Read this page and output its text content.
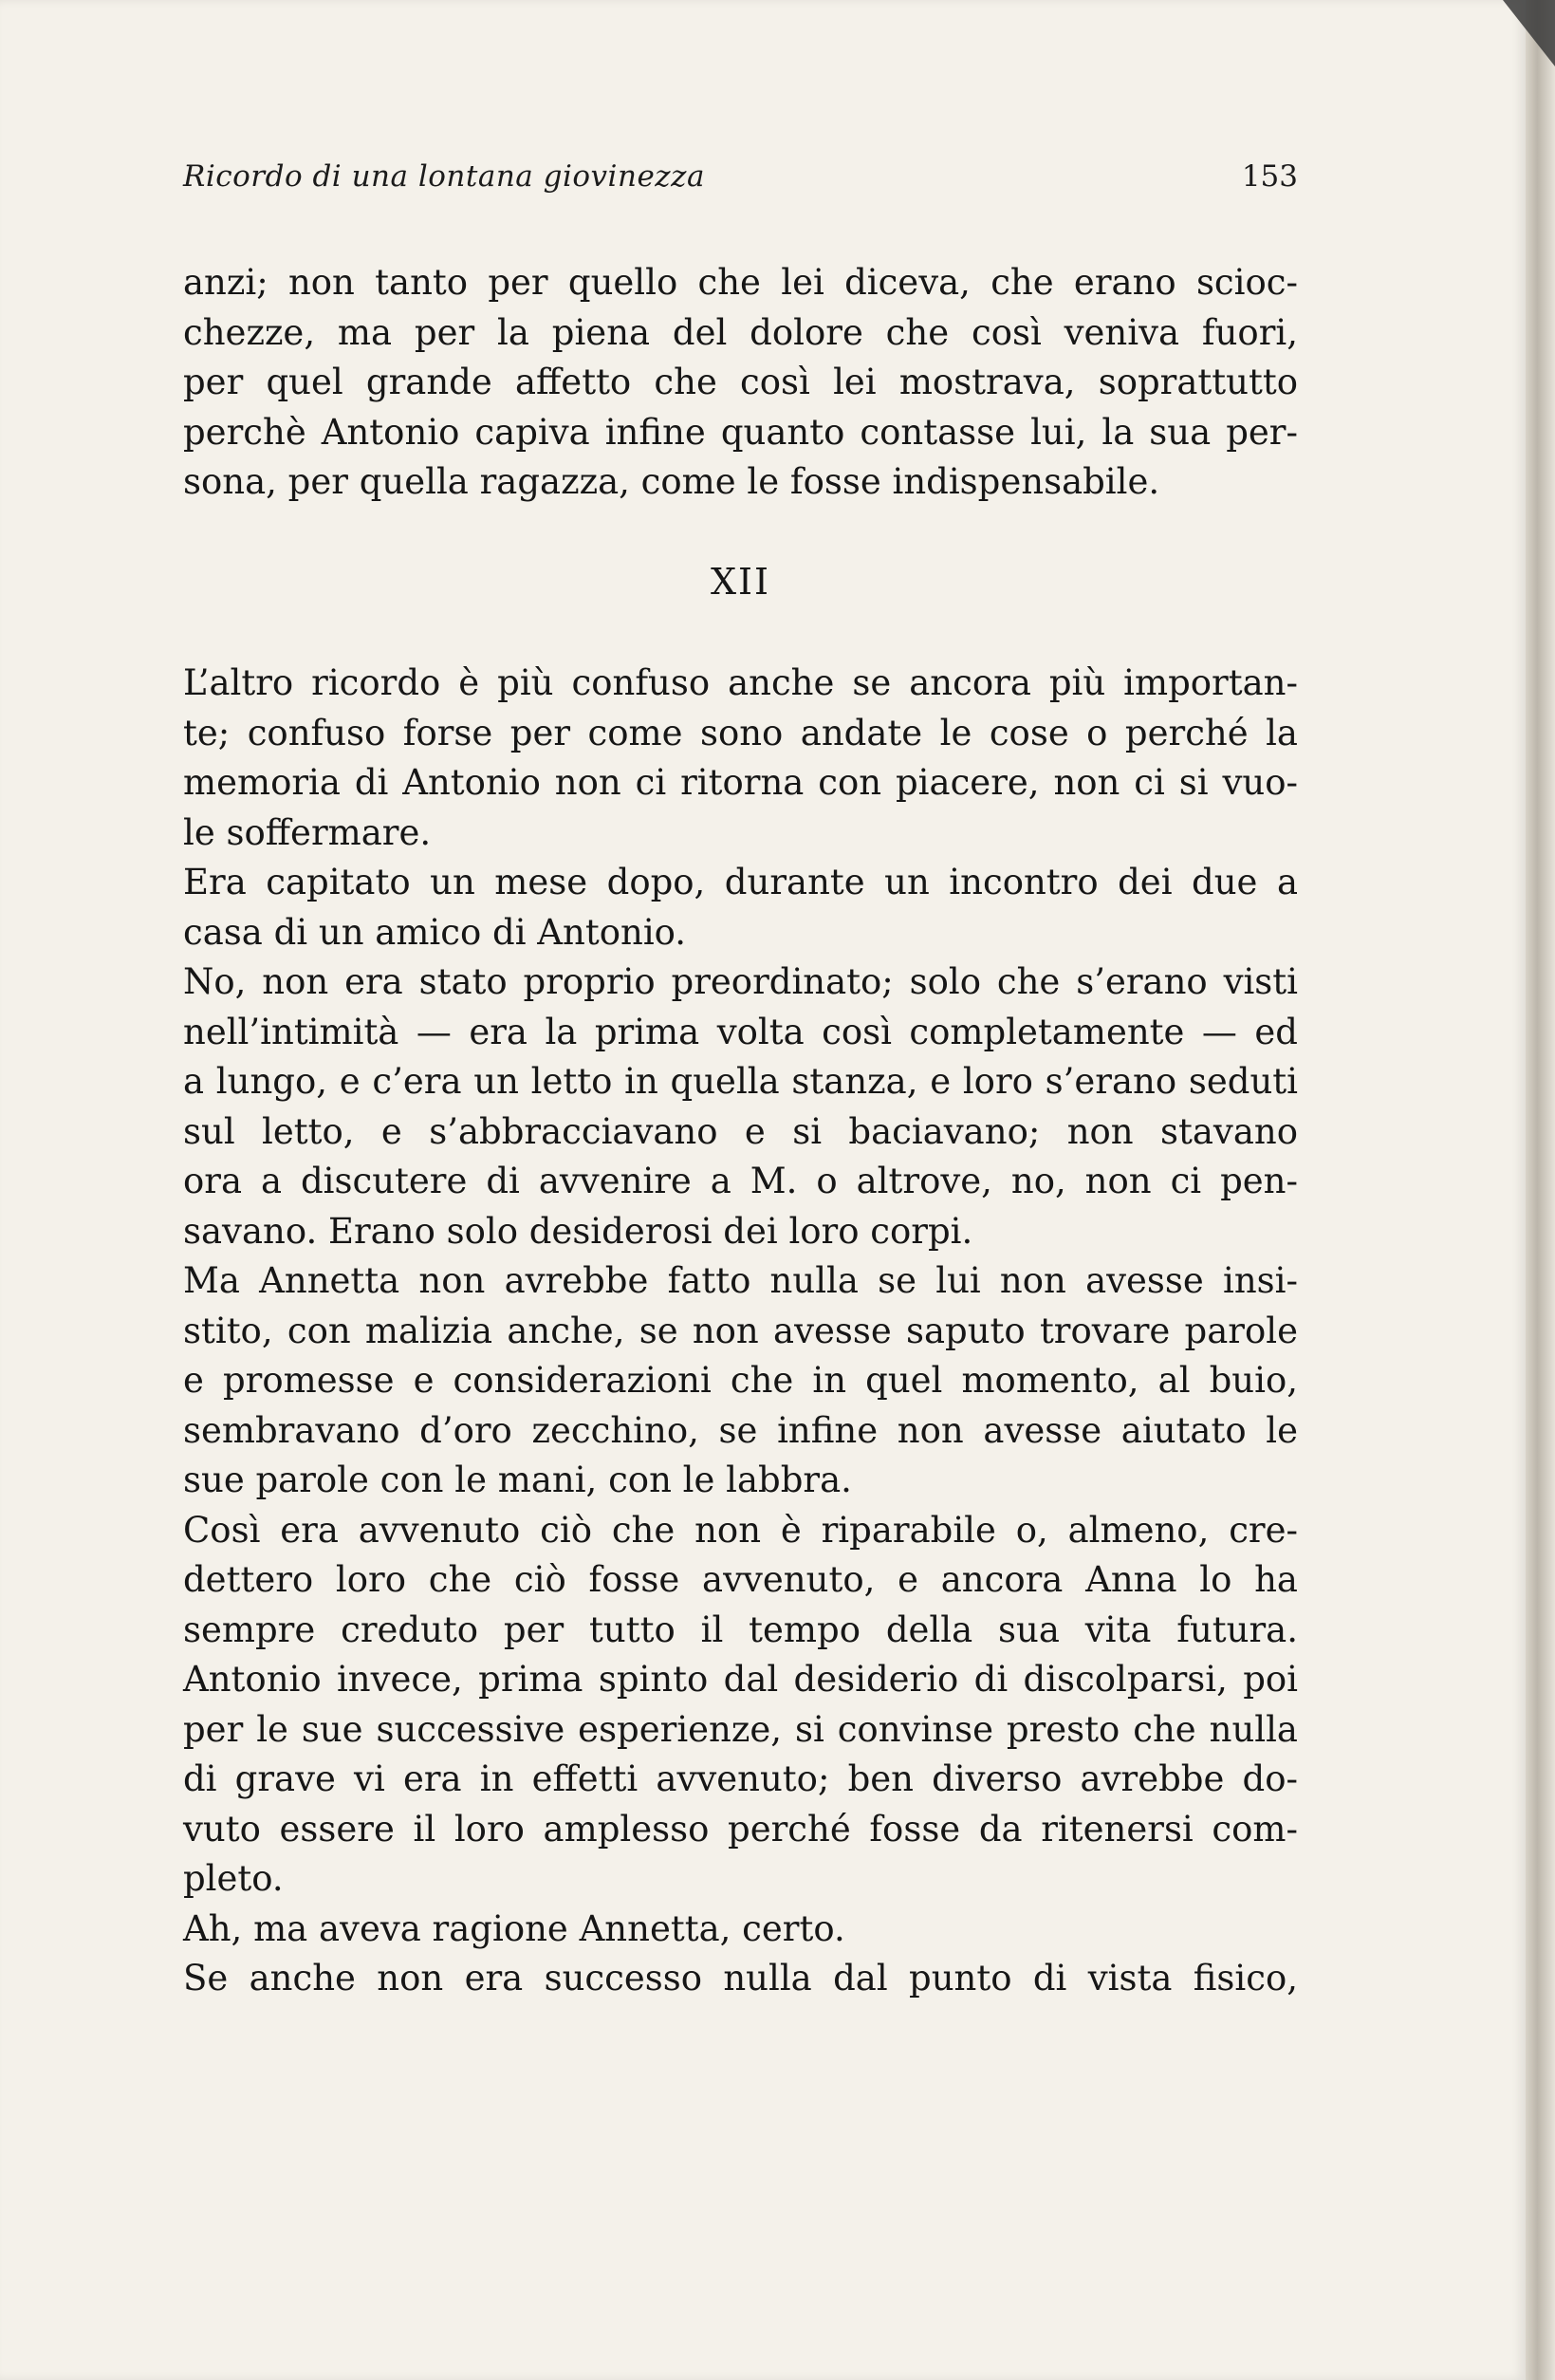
Ricordo di una lontana giovinezza	153
anzi; non tanto per quello che lei diceva, che erano scioc-
chezze, ma per la piena del dolore che così veniva fuori,
per quel grande affetto che così lei mostrava, soprattutto
perchè Antonio capiva infine quanto contasse lui, la sua per-
sona, per quella ragazza, come le fosse indispensabile.
XII
L’altro ricordo è più confuso anche se ancora più importan-
te; confuso forse per come sono andate le cose o perché la
memoria di Antonio non ci ritorna con piacere, non ci si vuo-
le soffermare.
Era capitato un mese dopo, durante un incontro dei due a
casa di un amico di Antonio.
No, non era stato proprio preordinato; solo che s’erano visti
nell’intimità — era la prima volta così completamente — ed
a lungo, e c’era un letto in quella stanza, e loro s’erano seduti
sul letto, e s’abbracciavano e si baciavano; non stavano
ora a discutere di avvenire a M. o altrove, no, non ci pen-
savano. Erano solo desiderosi dei loro corpi.
Ma Annetta non avrebbe fatto nulla se lui non avesse insi-
stito, con malizia anche, se non avesse saputo trovare parole
e promesse e considerazioni che in quel momento, al buio,
sembravano d’oro zecchino, se infine non avesse aiutato le
sue parole con le mani, con le labbra.
Così era avvenuto ciò che non è riparabile o, almeno, cre-
dettero loro che ciò fosse avvenuto, e ancora Anna lo ha
sempre creduto per tutto il tempo della sua vita futura.
Antonio invece, prima spinto dal desiderio di discolparsi, poi
per le sue successive esperienze, si convinse presto che nulla
di grave vi era in effetti avvenuto; ben diverso avrebbe do-
vuto essere il loro amplesso perché fosse da ritenersi com-
pleto.
Ah, ma aveva ragione Annetta, certo.
Se anche non era successo nulla dal punto di vista fisico,
